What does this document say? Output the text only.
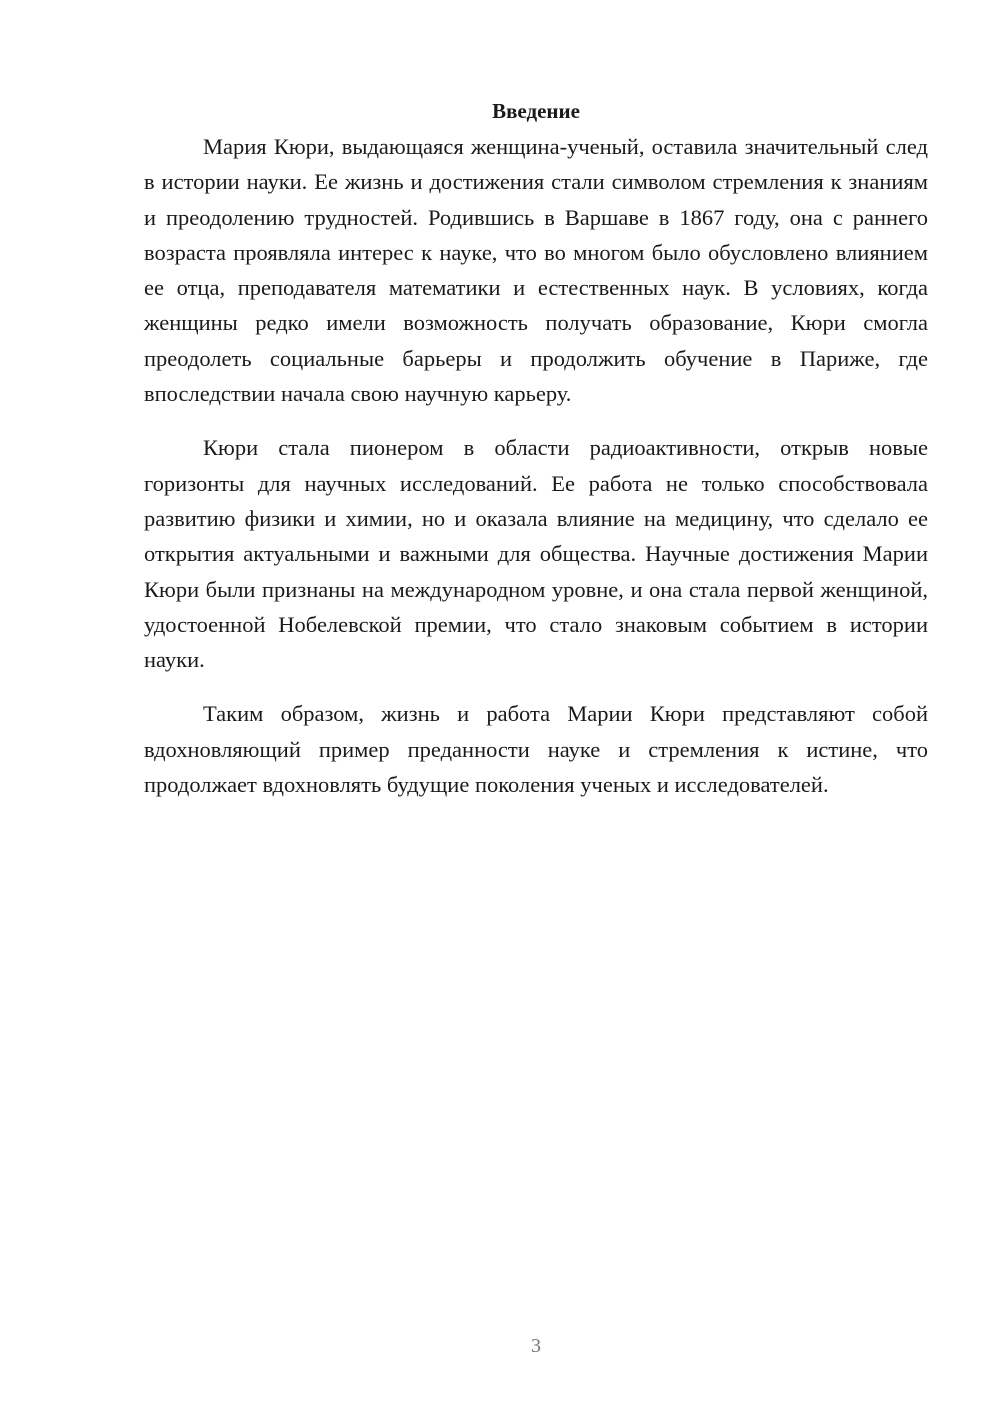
Введение

Мария Кюри, выдающаяся женщина-ученый, оставила значительный след в истории науки. Ее жизнь и достижения стали символом стремления к знаниям и преодолению трудностей. Родившись в Варшаве в 1867 году, она с раннего возраста проявляла интерес к науке, что во многом было обусловлено влиянием ее отца, преподавателя математики и естественных наук. В условиях, когда женщины редко имели возможность получать образование, Кюри смогла преодолеть социальные барьеры и продолжить обучение в Париже, где впоследствии начала свою научную карьеру.

Кюри стала пионером в области радиоактивности, открыв новые горизонты для научных исследований. Ее работа не только способствовала развитию физики и химии, но и оказала влияние на медицину, что сделало ее открытия актуальными и важными для общества. Научные достижения Марии Кюри были признаны на международном уровне, и она стала первой женщиной, удостоенной Нобелевской премии, что стало знаковым событием в истории науки.

Таким образом, жизнь и работа Марии Кюри представляют собой вдохновляющий пример преданности науке и стремления к истине, что продолжает вдохновлять будущие поколения ученых и исследователей.

3
